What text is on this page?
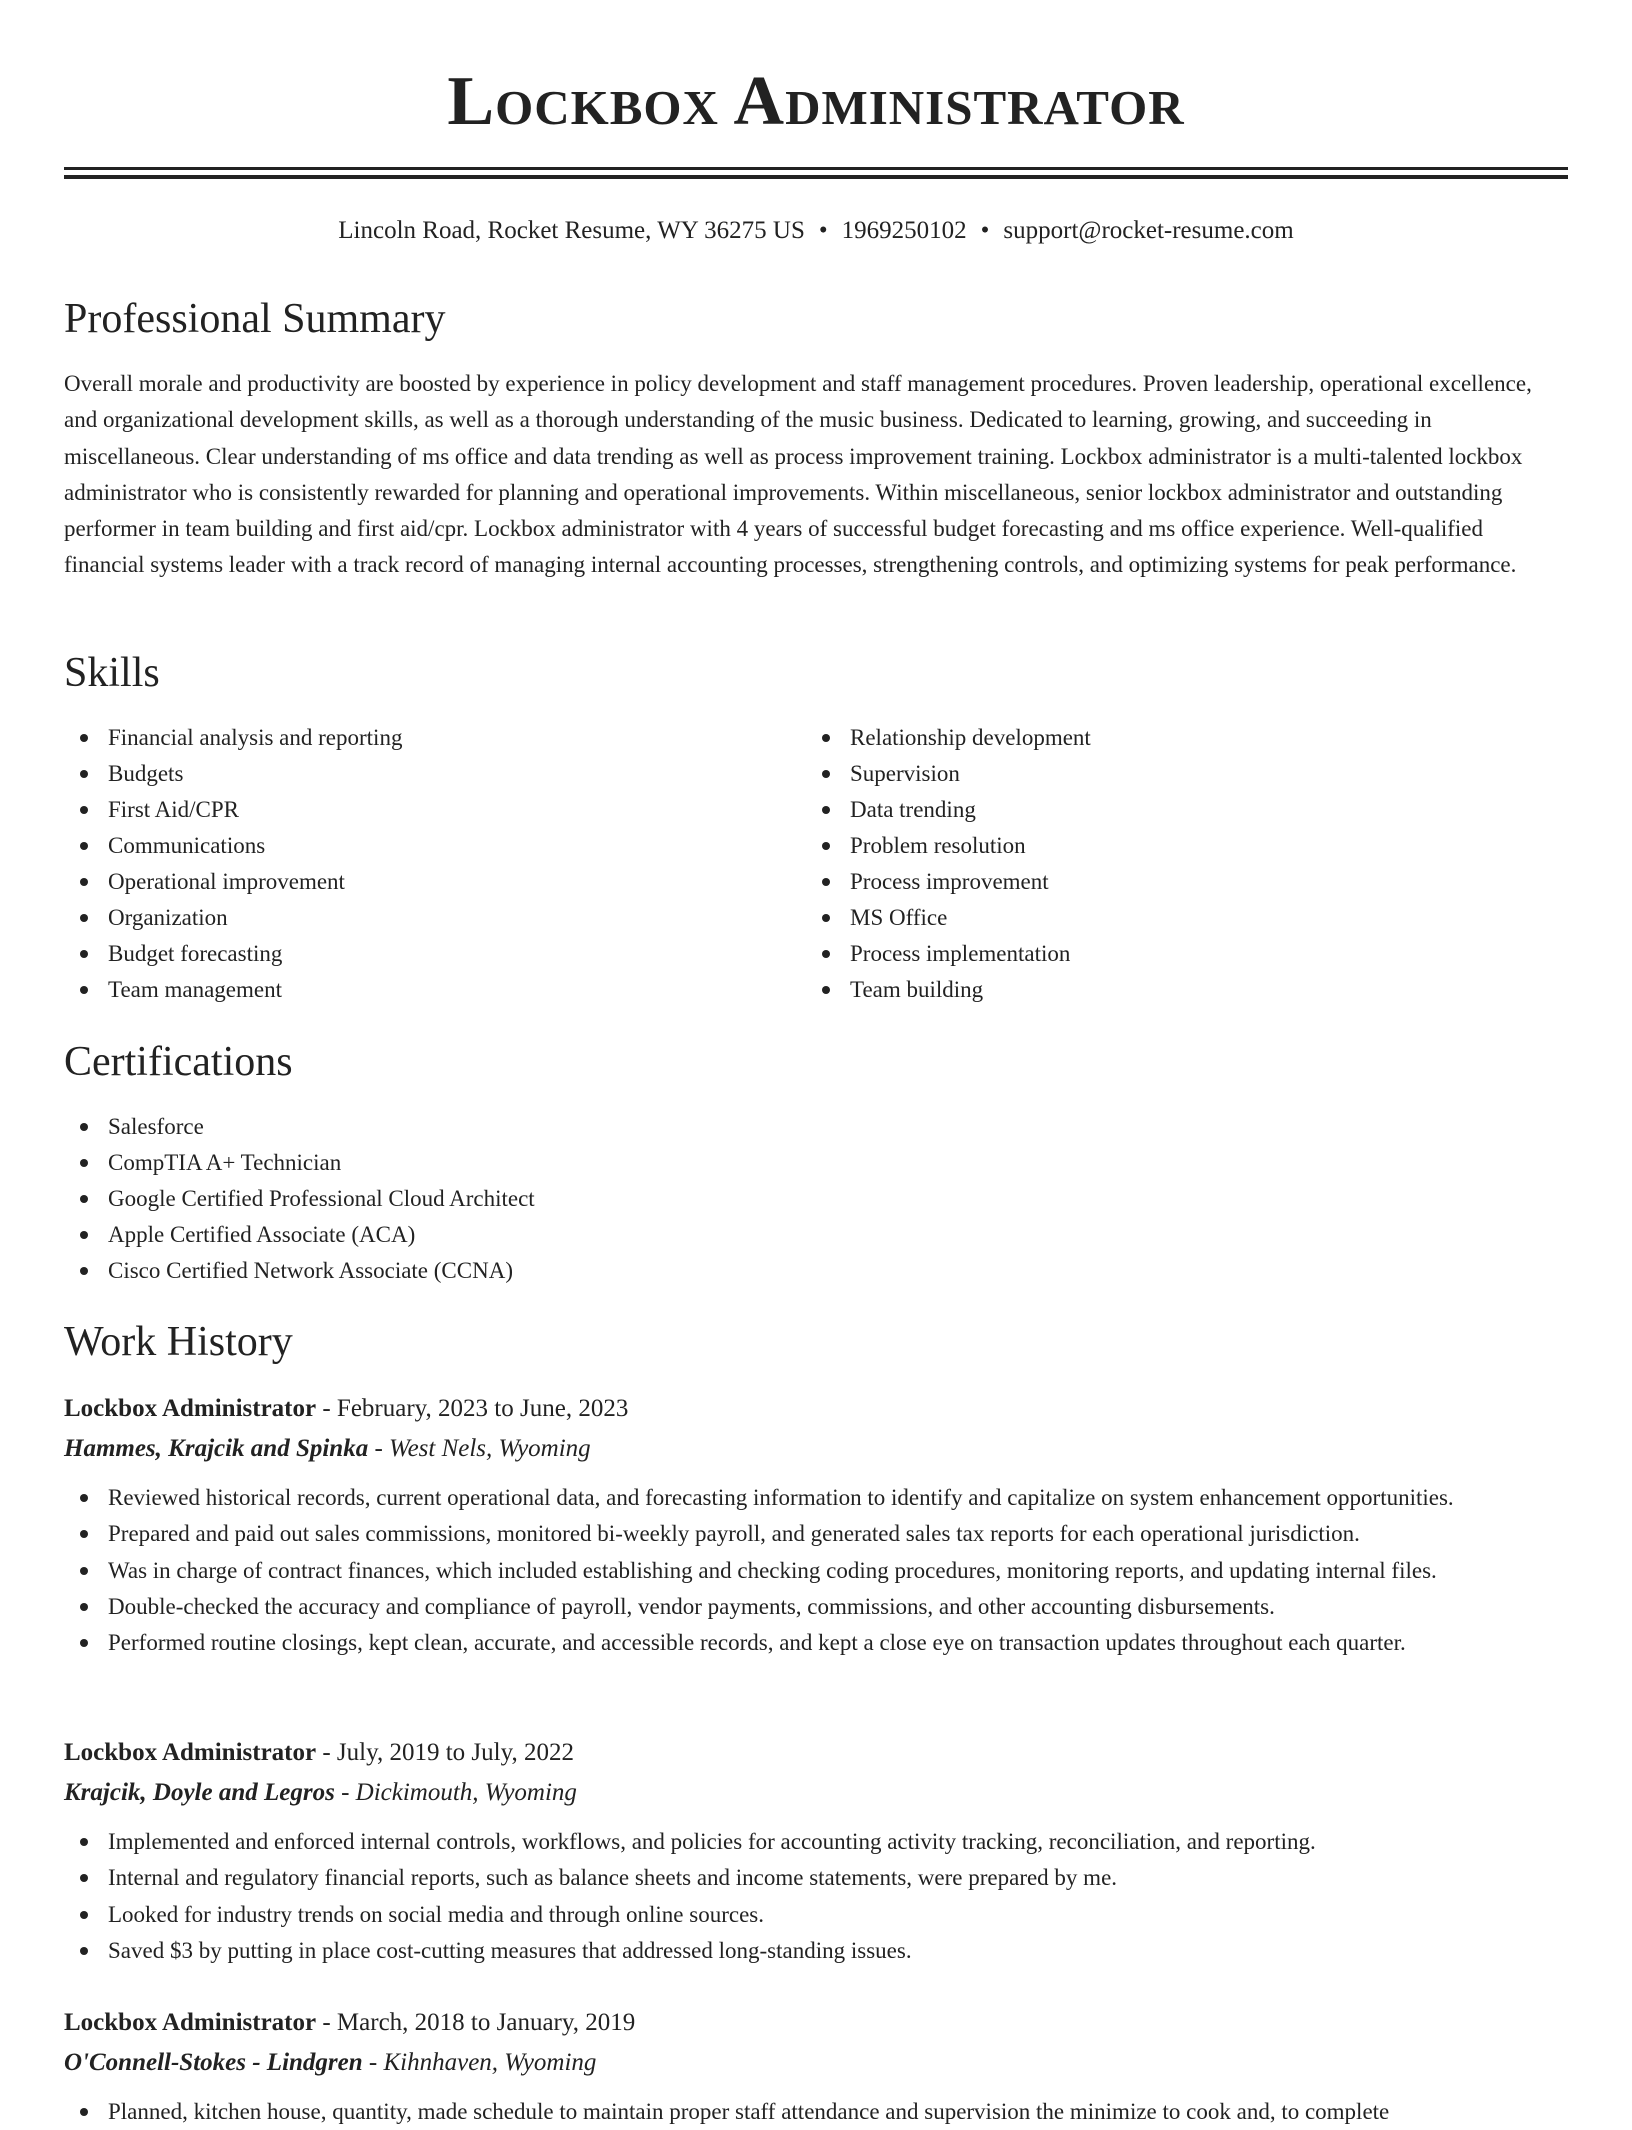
Lockbox Administrator
Lincoln Road, Rocket Resume, WY 36275 US • 1969250102 • support@rocket-resume.com
Professional Summary

Overall morale and productivity are boosted by experience in policy development and staff management procedures. Proven leadership, operational excellence, and organizational development skills, as well as a thorough understanding of the music business. Dedicated to learning, growing, and succeeding in miscellaneous. Clear understanding of ms office and data trending as well as process improvement training. Lockbox administrator is a multi-talented lockbox administrator who is consistently rewarded for planning and operational improvements. Within miscellaneous, senior lockbox administrator and outstanding performer in team building and first aid/cpr. Lockbox administrator with 4 years of successful budget forecasting and ms office experience. Well-qualified financial systems leader with a track record of managing internal accounting processes, strengthening controls, and optimizing systems for peak performance.

Skills
Financial analysis and reporting
Budgets
First Aid/CPR
Communications
Operational improvement
Organization
Budget forecasting
Team management
Relationship development
Supervision
Data trending
Problem resolution
Process improvement
MS Office
Process implementation
Team building
Certifications
Salesforce
CompTIA A+ Technician
Google Certified Professional Cloud Architect
Apple Certified Associate (ACA)
Cisco Certified Network Associate (CCNA)
Work History

Lockbox Administrator - February, 2023 to June, 2023

Hammes, Krajcik and Spinka - West Nels, Wyoming

Reviewed historical records, current operational data, and forecasting information to identify and capitalize on system enhancement opportunities.
Prepared and paid out sales commissions, monitored bi-weekly payroll, and generated sales tax reports for each operational jurisdiction.
Was in charge of contract finances, which included establishing and checking coding procedures, monitoring reports, and updating internal files.
Double-checked the accuracy and compliance of payroll, vendor payments, commissions, and other accounting disbursements.
Performed routine closings, kept clean, accurate, and accessible records, and kept a close eye on transaction updates throughout each quarter.

Lockbox Administrator - July, 2019 to July, 2022

Krajcik, Doyle and Legros - Dickimouth, Wyoming

Implemented and enforced internal controls, workflows, and policies for accounting activity tracking, reconciliation, and reporting.
Internal and regulatory financial reports, such as balance sheets and income statements, were prepared by me.
Looked for industry trends on social media and through online sources.
Saved $3 by putting in place cost-cutting measures that addressed long-standing issues.

Lockbox Administrator - March, 2018 to January, 2019

O'Connell-Stokes - Lindgren - Kihnhaven, Wyoming

Planned, kitchen house, quantity, made schedule to maintain proper staff attendance and supervision the minimize to cook and, to complete
